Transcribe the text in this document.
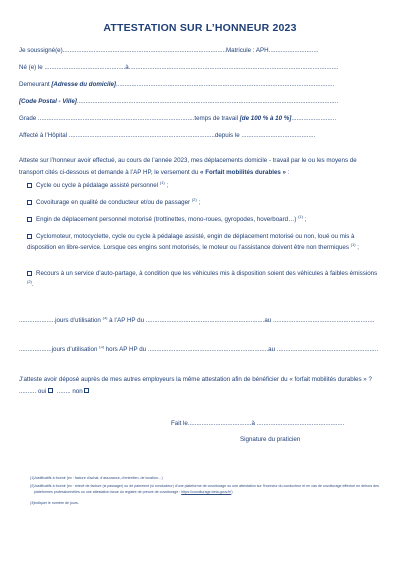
ATTESTATION SUR L’HONNEUR 2023
Je soussigné(e)...............................................................................................Matricule : APH.............................
Né (e) le ...............................................à..........................................................................................................................
Demeurant [Adresse du domicile]...............................................................................................................................
[Code Postal - Ville]........................................................................................................................................................
Grade ...........................................................................................temps de travail [de 100 % à 10 %]..........................
Affecté à l’Hôpital .....................................................................................depuis le ...........................................
Atteste sur l’honneur avoir effectué, au cours de l’année 2023, mes déplacements domicile - travail par le ou les moyens de transport cités ci-dessous et demande à l’AP HP, le versement du « Forfait mobilités durables » :
Cycle ou cycle à pédalage assisté personnel $^{(1)}$ ;
Covoiturage en qualité de conducteur et/ou de passager $^{(2)}$ ;
Engin de déplacement personnel motorisé (trottinettes, mono-roues, gyropodes, hoverboard…) $^{(1)}$ ;
Cyclomoteur, motocyclette, cycle ou cycle à pédalage assisté, engin de déplacement motorisé ou non, loué ou mis à disposition en libre-service. Lorsque ces engins sont motorisés, le moteur ou l’assistance doivent être non thermiques $^{(1)}$ ;
Recours à un service d’auto-partage, à condition que les véhicules mis à disposition soient des véhicules à faibles émissions $^{(2)}$.
.....................jours d’utilisation $^{(3)}$ à l’AP HP du .....................................................................au ...........................................................
...................jours d’utilisation $^{(3)}$ hors AP HP du ......................................................................au ...........................................................
J’atteste avoir déposé auprès de mes autres employeurs la même attestation afin de bénéficier du « forfait mobilités durables » ? .......... oui ........ non
Fait le.....................................à ...................................................
Signature du praticien
(1) Justificatifs à fournir (ex : facture d’achat, d’assurance, d’entretien, de location…)
(2) Justificatifs à fournir (ex : relevé de facture (si passager) ou de paiement (si conducteur) d’une plateforme de covoiturage ou une attestation sur l’honneur du conducteur et en cas de covoiturage effectué en dehors des plateformes professionnelles ou une attestation issue du registre de preuve de covoiturage : https://covoiturage.beta.gouv.fr/)
(3) Indiquer le nombre de jours.
